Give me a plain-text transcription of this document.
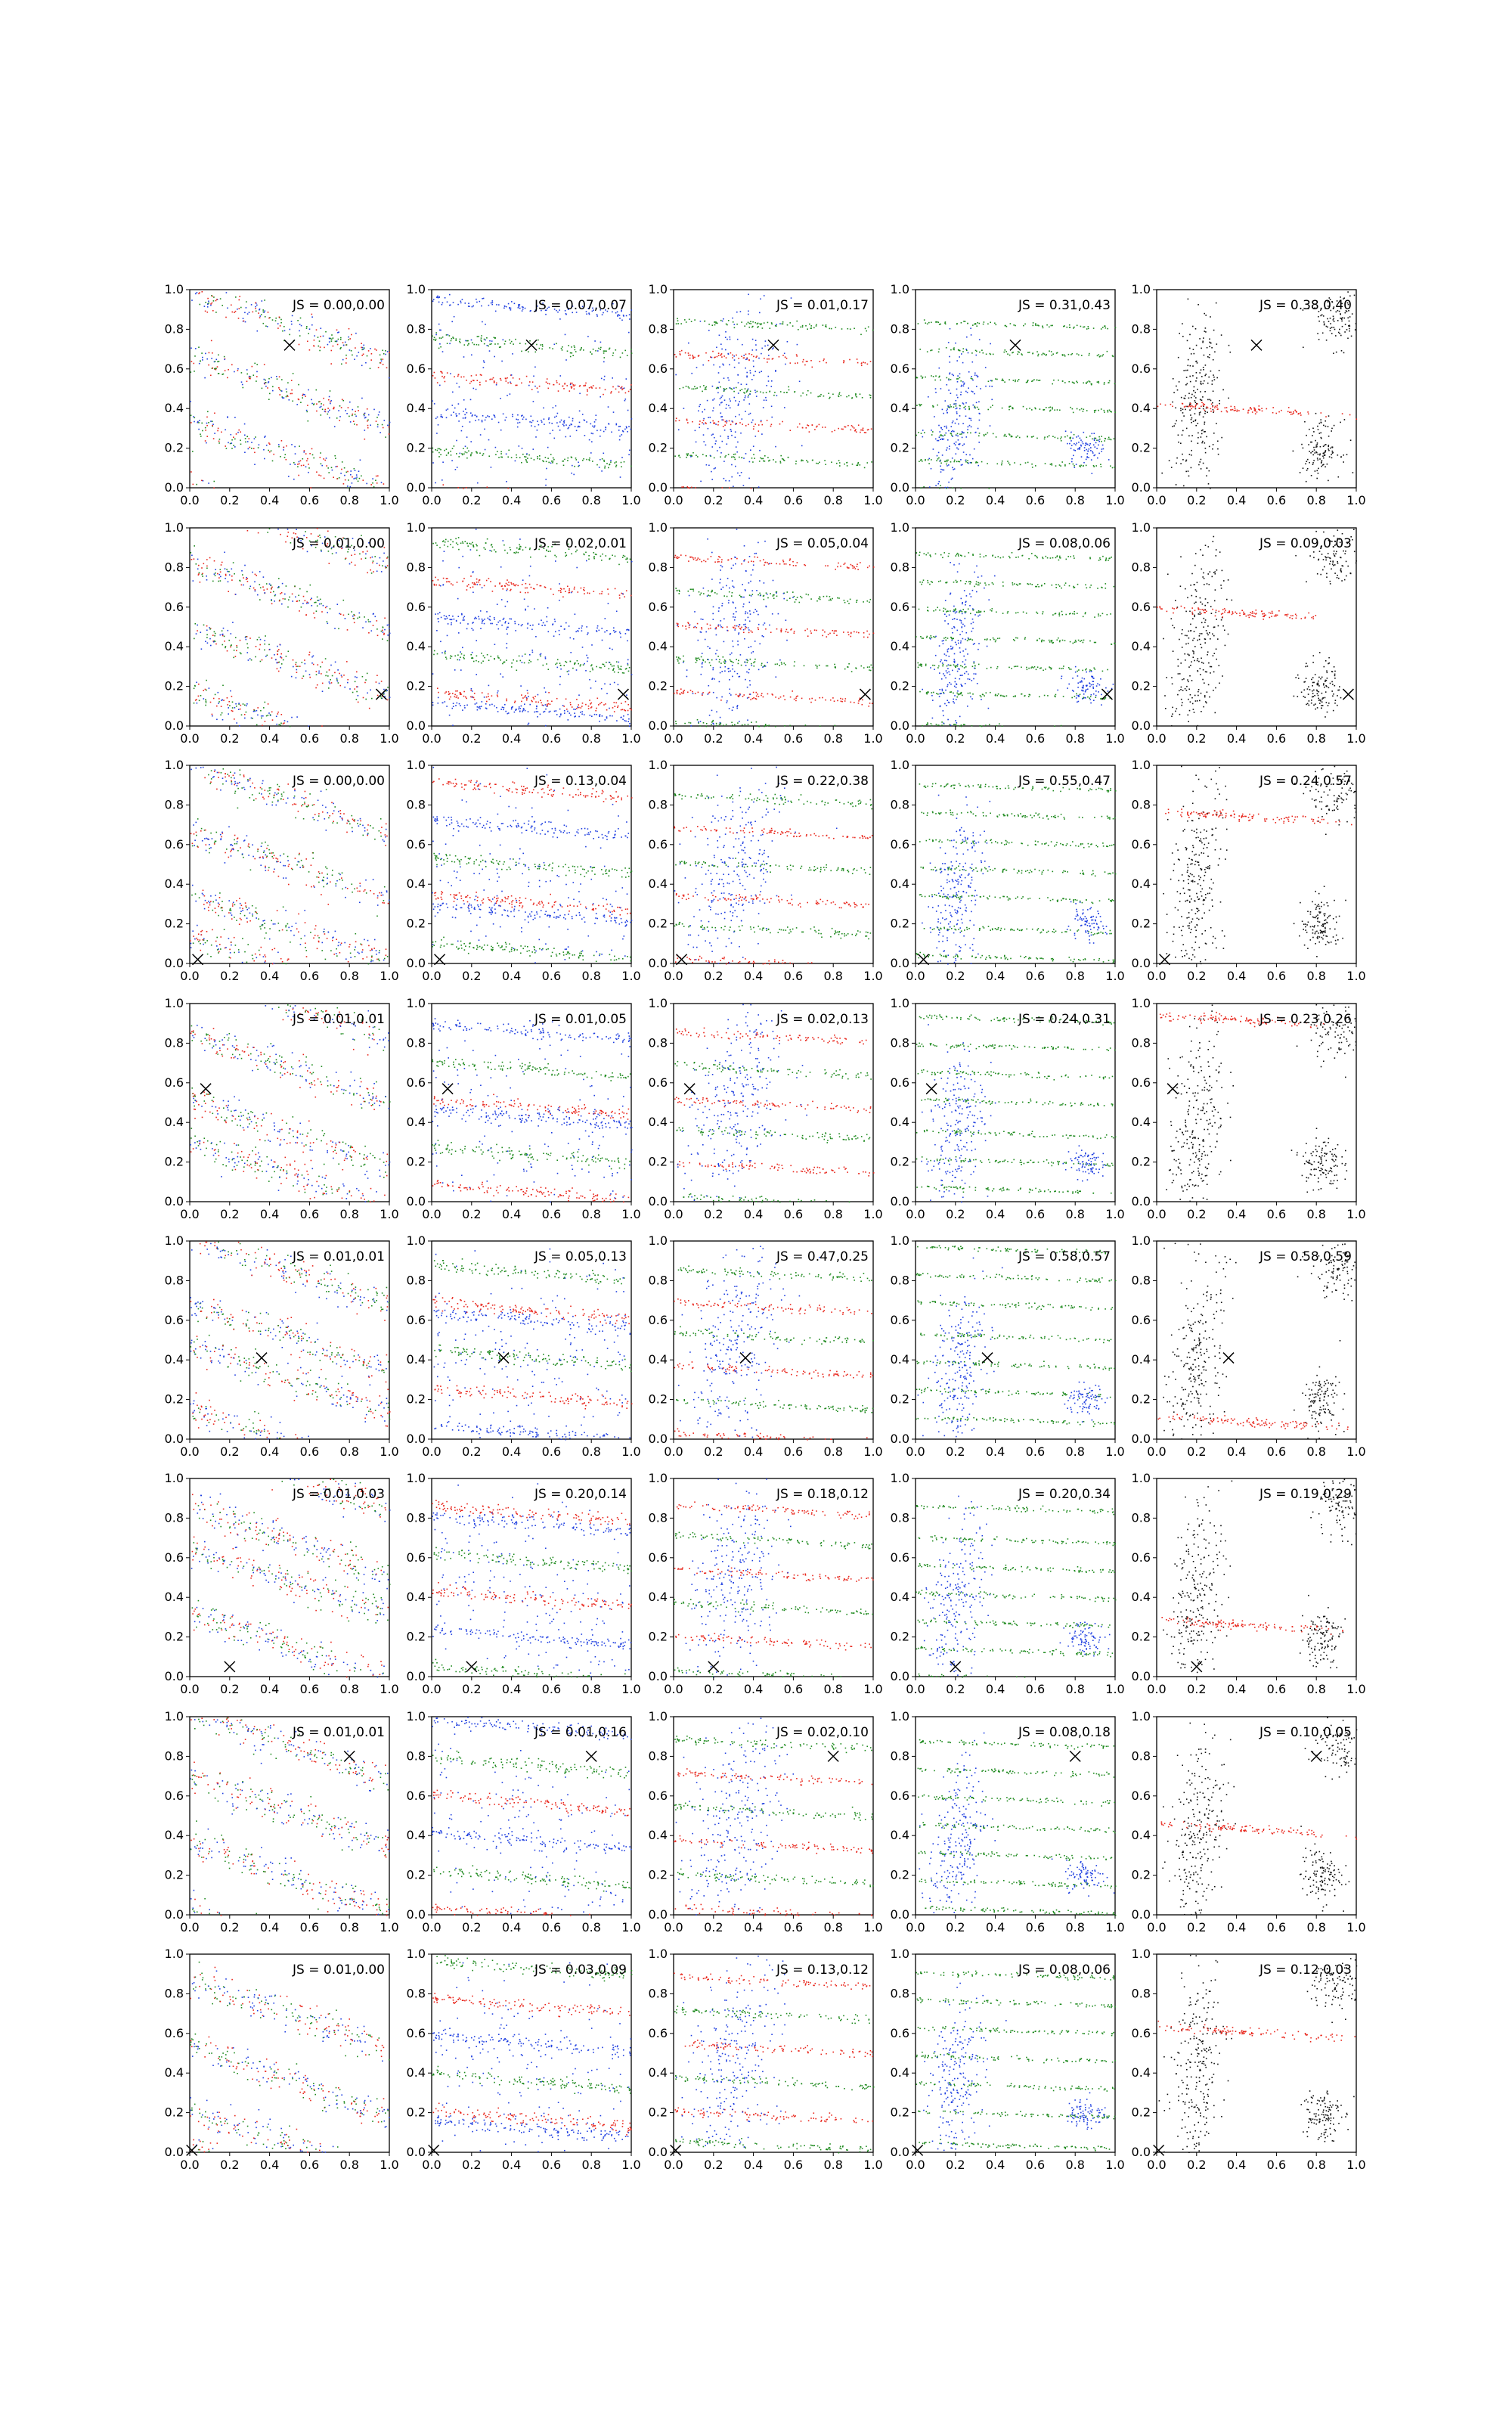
0.0
0.0
0.2
0.2
0.4
0.4
0.6
0.6
0.8
0.8
1.0
1.0
JS = 0.00,0.00
0.0
0.0
0.2
0.2
0.4
0.4
0.6
0.6
0.8
0.8
1.0
1.0
JS = 0.07,0.07
0.0
0.0
0.2
0.2
0.4
0.4
0.6
0.6
0.8
0.8
1.0
1.0
JS = 0.01,0.17
0.0
0.0
0.2
0.2
0.4
0.4
0.6
0.6
0.8
0.8
1.0
1.0
JS = 0.31,0.43
0.0
0.0
0.2
0.2
0.4
0.4
0.6
0.6
0.8
0.8
1.0
1.0
JS = 0.38,0.40
0.0
0.0
0.2
0.2
0.4
0.4
0.6
0.6
0.8
0.8
1.0
1.0
JS = 0.01,0.00
0.0
0.0
0.2
0.2
0.4
0.4
0.6
0.6
0.8
0.8
1.0
1.0
JS = 0.02,0.01
0.0
0.0
0.2
0.2
0.4
0.4
0.6
0.6
0.8
0.8
1.0
1.0
JS = 0.05,0.04
0.0
0.0
0.2
0.2
0.4
0.4
0.6
0.6
0.8
0.8
1.0
1.0
JS = 0.08,0.06
0.0
0.0
0.2
0.2
0.4
0.4
0.6
0.6
0.8
0.8
1.0
1.0
JS = 0.09,0.03
0.0
0.0
0.2
0.2
0.4
0.4
0.6
0.6
0.8
0.8
1.0
1.0
JS = 0.00,0.00
0.0
0.0
0.2
0.2
0.4
0.4
0.6
0.6
0.8
0.8
1.0
1.0
JS = 0.13,0.04
0.0
0.0
0.2
0.2
0.4
0.4
0.6
0.6
0.8
0.8
1.0
1.0
JS = 0.22,0.38
0.0
0.0
0.2
0.2
0.4
0.4
0.6
0.6
0.8
0.8
1.0
1.0
JS = 0.55,0.47
0.0
0.0
0.2
0.2
0.4
0.4
0.6
0.6
0.8
0.8
1.0
1.0
JS = 0.24,0.57
0.0
0.0
0.2
0.2
0.4
0.4
0.6
0.6
0.8
0.8
1.0
1.0
JS = 0.01,0.01
0.0
0.0
0.2
0.2
0.4
0.4
0.6
0.6
0.8
0.8
1.0
1.0
JS = 0.01,0.05
0.0
0.0
0.2
0.2
0.4
0.4
0.6
0.6
0.8
0.8
1.0
1.0
JS = 0.02,0.13
0.0
0.0
0.2
0.2
0.4
0.4
0.6
0.6
0.8
0.8
1.0
1.0
JS = 0.24,0.31
0.0
0.0
0.2
0.2
0.4
0.4
0.6
0.6
0.8
0.8
1.0
1.0
JS = 0.23,0.26
0.0
0.0
0.2
0.2
0.4
0.4
0.6
0.6
0.8
0.8
1.0
1.0
JS = 0.01,0.01
0.0
0.0
0.2
0.2
0.4
0.4
0.6
0.6
0.8
0.8
1.0
1.0
JS = 0.05,0.13
0.0
0.0
0.2
0.2
0.4
0.4
0.6
0.6
0.8
0.8
1.0
1.0
JS = 0.47,0.25
0.0
0.0
0.2
0.2
0.4
0.4
0.6
0.6
0.8
0.8
1.0
1.0
JS = 0.58,0.57
0.0
0.0
0.2
0.2
0.4
0.4
0.6
0.6
0.8
0.8
1.0
1.0
JS = 0.58,0.59
0.0
0.0
0.2
0.2
0.4
0.4
0.6
0.6
0.8
0.8
1.0
1.0
JS = 0.01,0.03
0.0
0.0
0.2
0.2
0.4
0.4
0.6
0.6
0.8
0.8
1.0
1.0
JS = 0.20,0.14
0.0
0.0
0.2
0.2
0.4
0.4
0.6
0.6
0.8
0.8
1.0
1.0
JS = 0.18,0.12
0.0
0.0
0.2
0.2
0.4
0.4
0.6
0.6
0.8
0.8
1.0
1.0
JS = 0.20,0.34
0.0
0.0
0.2
0.2
0.4
0.4
0.6
0.6
0.8
0.8
1.0
1.0
JS = 0.19,0.29
0.0
0.0
0.2
0.2
0.4
0.4
0.6
0.6
0.8
0.8
1.0
1.0
JS = 0.01,0.01
0.0
0.0
0.2
0.2
0.4
0.4
0.6
0.6
0.8
0.8
1.0
1.0
JS = 0.01,0.16
0.0
0.0
0.2
0.2
0.4
0.4
0.6
0.6
0.8
0.8
1.0
1.0
JS = 0.02,0.10
0.0
0.0
0.2
0.2
0.4
0.4
0.6
0.6
0.8
0.8
1.0
1.0
JS = 0.08,0.18
0.0
0.0
0.2
0.2
0.4
0.4
0.6
0.6
0.8
0.8
1.0
1.0
JS = 0.10,0.05
0.0
0.0
0.2
0.2
0.4
0.4
0.6
0.6
0.8
0.8
1.0
1.0
JS = 0.01,0.00
0.0
0.0
0.2
0.2
0.4
0.4
0.6
0.6
0.8
0.8
1.0
1.0
JS = 0.03,0.09
0.0
0.0
0.2
0.2
0.4
0.4
0.6
0.6
0.8
0.8
1.0
1.0
JS = 0.13,0.12
0.0
0.0
0.2
0.2
0.4
0.4
0.6
0.6
0.8
0.8
1.0
1.0
JS = 0.08,0.06
0.0
0.0
0.2
0.2
0.4
0.4
0.6
0.6
0.8
0.8
1.0
1.0
JS = 0.12,0.03
